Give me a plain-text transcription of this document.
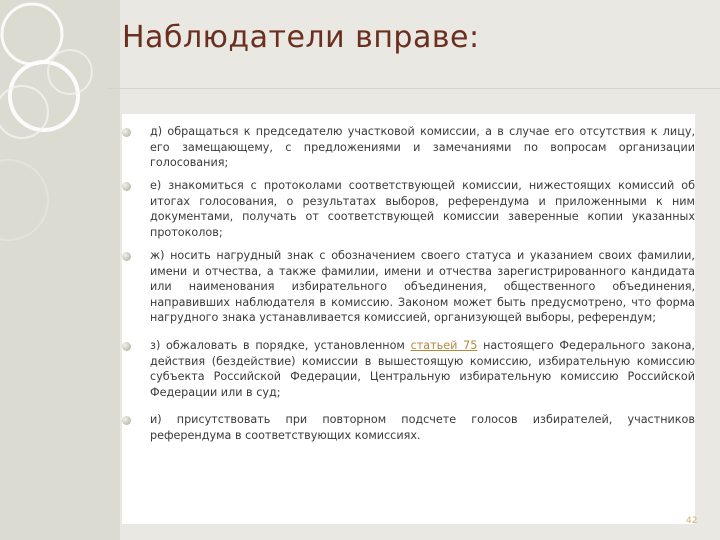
Наблюдатели вправе:
д) обращаться к председателю участковой комиссии, а в случае его отсутствия к лицу, его замещающему, с предложениями и замечаниями по вопросам организации голосования;
е) знакомиться с протоколами соответствующей комиссии, нижестоящих комиссий об итогах голосования, о результатах выборов, референдума и приложенными к ним документами, получать от соответствующей комиссии заверенные копии указанных протоколов;
ж) носить нагрудный знак с обозначением своего статуса и указанием своих фамилии, имени и отчества, а также фамилии, имени и отчества зарегистрированного кандидата или наименования избирательного объединения, общественного объединения, направивших наблюдателя в комиссию. Законом может быть предусмотрено, что форма нагрудного знака устанавливается комиссией, организующей выборы, референдум;
з) обжаловать в порядке, установленном статьей 75 настоящего Федерального закона, действия (бездействие) комиссии в вышестоящую комиссию, избирательную комиссию субъекта Российской Федерации, Центральную избирательную комиссию Российской Федерации или в суд;
и) присутствовать при повторном подсчете голосов избирателей, участников референдума в соответствующих комиссиях.
42
